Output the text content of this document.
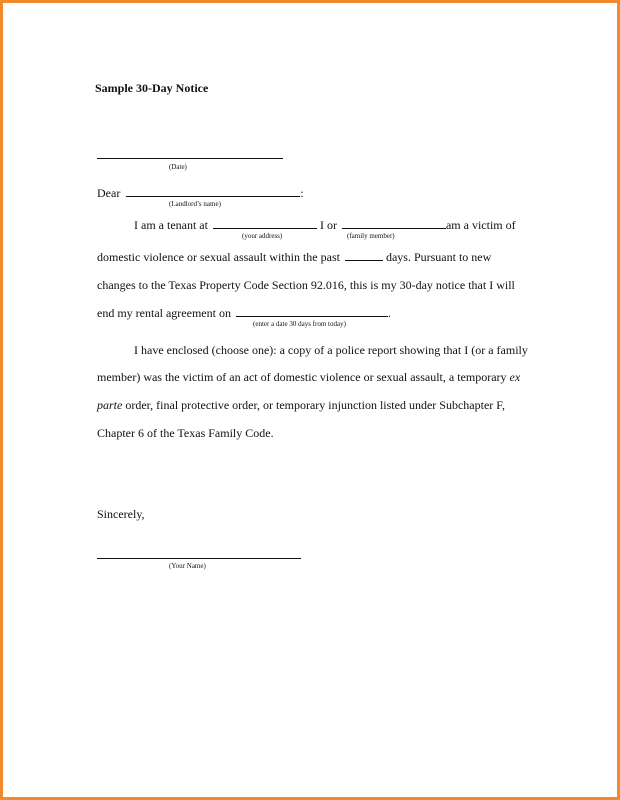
Sample 30-Day Notice
(Date)
Dear	:
(Landlord’s name)
I am a tenant at	I or	am a victim of
(your address)	(family member)
domestic violence or sexual assault within the past	days. Pursuant to new
changes to the Texas Property Code Section 92.016, this is my 30-day notice that I will
end my rental agreement on	.
(enter a date 30 days from today)
I have enclosed (choose one): a copy of a police report showing that I (or a family
member) was the victim of an act of domestic violence or sexual assault, a temporary ex
parte order, final protective order, or temporary injunction listed under Subchapter F,
Chapter 6 of the Texas Family Code.
Sincerely,
(Your Name)
